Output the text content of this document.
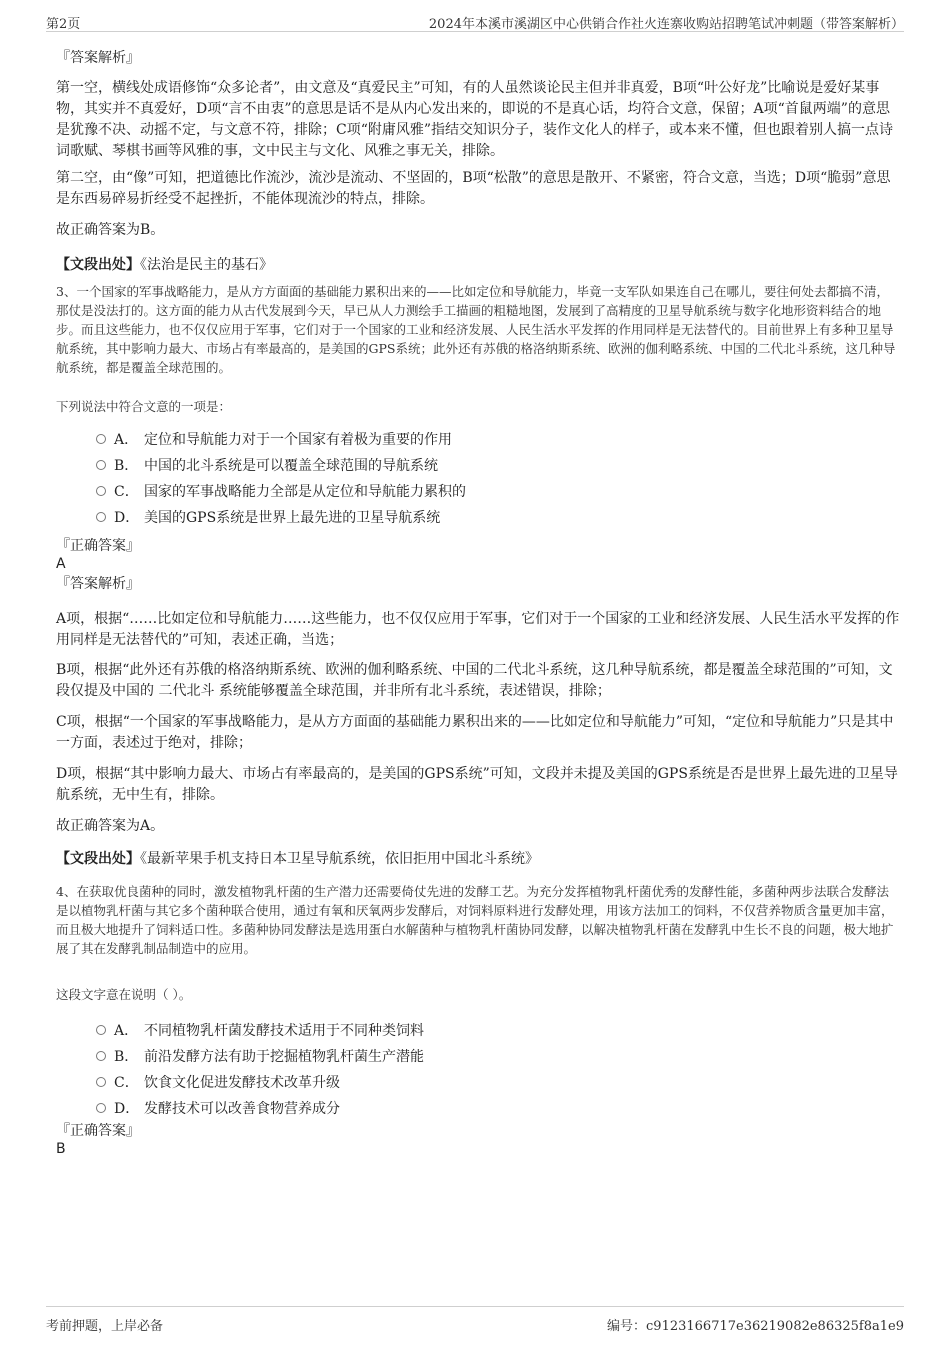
第2页	2024年本溪市溪湖区中心供销合作社火连寨收购站招聘笔试冲刺题（带答案解析）
『答案解析』
第一空，横线处成语修饰“众多论者”，由文意及“真爱民主”可知，有的人虽然谈论民主但并非真爱，B项“叶公好龙”比喻说是爱好某事物，其实并不真爱好，D项“言不由衷”的意思是话不是从内心发出来的，即说的不是真心话，均符合文意，保留；A项“首鼠两端”的意思是犹豫不决、动摇不定，与文意不符，排除；C项“附庸风雅”指结交知识分子，装作文化人的样子，或本来不懂，但也跟着别人搞一点诗词歌赋、琴棋书画等风雅的事，文中民主与文化、风雅之事无关，排除。
第二空，由“像”可知，把道德比作流沙，流沙是流动、不坚固的，B项“松散”的意思是散开、不紧密，符合文意，当选；D项“脆弱”意思是东西易碎易折经受不起挫折，不能体现流沙的特点，排除。
故正确答案为B。
【文段出处】《法治是民主的基石》
3、一个国家的军事战略能力，是从方方面面的基础能力累积出来的——比如定位和导航能力，毕竟一支军队如果连自己在哪儿，要往何处去都搞不清，那仗是没法打的。这方面的能力从古代发展到今天，早已从人力测绘手工描画的粗糙地图，发展到了高精度的卫星导航系统与数字化地形资料结合的地步。而且这些能力，也不仅仅应用于军事，它们对于一个国家的工业和经济发展、人民生活水平发挥的作用同样是无法替代的。目前世界上有多种卫星导航系统，其中影响力最大、市场占有率最高的，是美国的GPS系统；此外还有苏俄的格洛纳斯系统、欧洲的伽利略系统、中国的二代北斗系统，这几种导航系统，都是覆盖全球范围的。
下列说法中符合文意的一项是：
A． 定位和导航能力对于一个国家有着极为重要的作用
B． 中国的北斗系统是可以覆盖全球范围的导航系统
C． 国家的军事战略能力全部是从定位和导航能力累积的
D． 美国的GPS系统是世界上最先进的卫星导航系统
『正确答案』
A
『答案解析』
A项，根据“……比如定位和导航能力……这些能力，也不仅仅应用于军事，它们对于一个国家的工业和经济发展、人民生活水平发挥的作用同样是无法替代的”可知，表述正确，当选；
B项，根据“此外还有苏俄的格洛纳斯系统、欧洲的伽利略系统、中国的二代北斗系统，这几种导航系统，都是覆盖全球范围的”可知，文段仅提及中国的 二代北斗 系统能够覆盖全球范围，并非所有北斗系统，表述错误，排除；
C项，根据“一个国家的军事战略能力，是从方方面面的基础能力累积出来的——比如定位和导航能力”可知，“定位和导航能力”只是其中一方面，表述过于绝对，排除；
D项，根据“其中影响力最大、市场占有率最高的，是美国的GPS系统”可知，文段并未提及美国的GPS系统是否是世界上最先进的卫星导航系统，无中生有，排除。
故正确答案为A。
【文段出处】《最新苹果手机支持日本卫星导航系统，依旧拒用中国北斗系统》
4、在获取优良菌种的同时，激发植物乳杆菌的生产潜力还需要倚仗先进的发酵工艺。为充分发挥植物乳杆菌优秀的发酵性能，多菌种两步法联合发酵法是以植物乳杆菌与其它多个菌种联合使用，通过有氧和厌氧两步发酵后，对饲料原料进行发酵处理，用该方法加工的饲料，不仅营养物质含量更加丰富，而且极大地提升了饲料适口性。多菌种协同发酵法是选用蛋白水解菌种与植物乳杆菌协同发酵，以解决植物乳杆菌在发酵乳中生长不良的问题，极大地扩展了其在发酵乳制品制造中的应用。
这段文字意在说明（ ）。
A． 不同植物乳杆菌发酵技术适用于不同种类饲料
B． 前沿发酵方法有助于挖掘植物乳杆菌生产潜能
C． 饮食文化促进发酵技术改革升级
D． 发酵技术可以改善食物营养成分
『正确答案』
B
考前押题，上岸必备	编号：c9123166717e36219082e86325f8a1e9
